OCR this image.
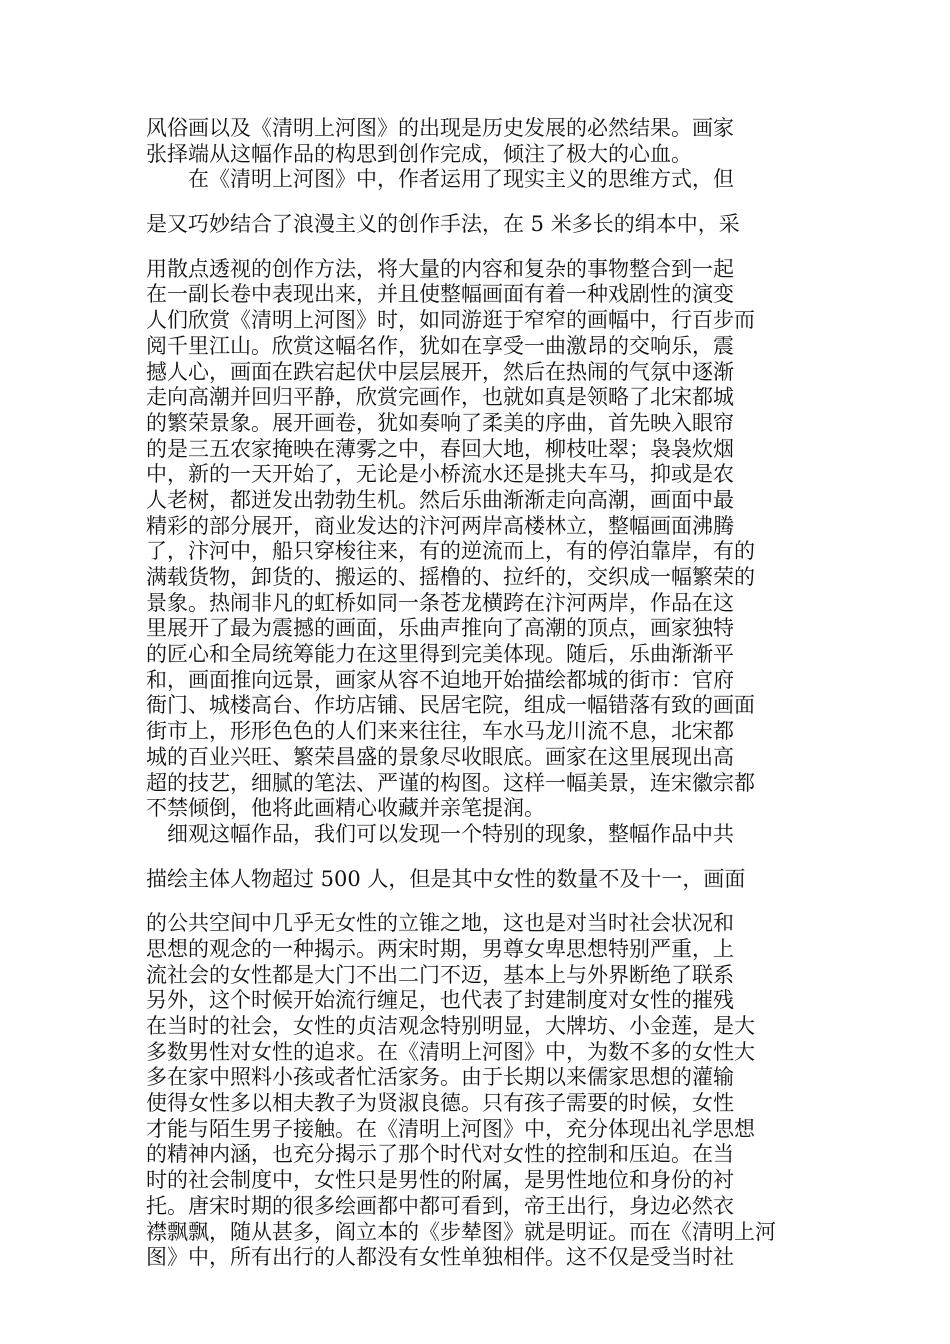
风俗画以及《清明上河图》的出现是历史发展的必然结果。画家
张择端从这幅作品的构思到创作完成，倾注了极大的心血。
　　在《清明上河图》中，作者运用了现实主义的思维方式，但
是又巧妙结合了浪漫主义的创作手法，在 5 米多长的绢本中，采
用散点透视的创作方法，将大量的内容和复杂的事物整合到一起
在一副长卷中表现出来，并且使整幅画面有着一种戏剧性的演变
人们欣赏《清明上河图》时，如同游逛于窄窄的画幅中，行百步而
阅千里江山。欣赏这幅名作，犹如在享受一曲激昂的交响乐，震
撼人心，画面在跌宕起伏中层层展开，然后在热闹的气氛中逐渐
走向高潮并回归平静，欣赏完画作，也就如真是领略了北宋都城
的繁荣景象。展开画卷，犹如奏响了柔美的序曲，首先映入眼帘
的是三五农家掩映在薄雾之中，春回大地，柳枝吐翠；袅袅炊烟
中，新的一天开始了，无论是小桥流水还是挑夫车马，抑或是农
人老树，都迸发出勃勃生机。然后乐曲渐渐走向高潮，画面中最
精彩的部分展开，商业发达的汴河两岸高楼林立，整幅画面沸腾
了，汴河中，船只穿梭往来，有的逆流而上，有的停泊靠岸，有的
满载货物，卸货的、搬运的、摇橹的、拉纤的，交织成一幅繁荣的
景象。热闹非凡的虹桥如同一条苍龙横跨在汴河两岸，作品在这
里展开了最为震撼的画面，乐曲声推向了高潮的顶点，画家独特
的匠心和全局统筹能力在这里得到完美体现。随后，乐曲渐渐平
和，画面推向远景，画家从容不迫地开始描绘都城的街市：官府
衙门、城楼高台、作坊店铺、民居宅院，组成一幅错落有致的画面
街市上，形形色色的人们来来往往，车水马龙川流不息，北宋都
城的百业兴旺、繁荣昌盛的景象尽收眼底。画家在这里展现出高
超的技艺，细腻的笔法、严谨的构图。这样一幅美景，连宋徽宗都
不禁倾倒，他将此画精心收藏并亲笔提润。
　细观这幅作品，我们可以发现一个特别的现象，整幅作品中共
描绘主体人物超过 500 人，但是其中女性的数量不及十一，画面
的公共空间中几乎无女性的立锥之地，这也是对当时社会状况和
思想的观念的一种揭示。两宋时期，男尊女卑思想特别严重，上
流社会的女性都是大门不出二门不迈，基本上与外界断绝了联系
另外，这个时候开始流行缠足，也代表了封建制度对女性的摧残
在当时的社会，女性的贞洁观念特别明显，大牌坊、小金莲，是大
多数男性对女性的追求。在《清明上河图》中，为数不多的女性大
多在家中照料小孩或者忙活家务。由于长期以来儒家思想的灌输
使得女性多以相夫教子为贤淑良德。只有孩子需要的时候，女性
才能与陌生男子接触。在《清明上河图》中，充分体现出礼学思想
的精神内涵，也充分揭示了那个时代对女性的控制和压迫。在当
时的社会制度中，女性只是男性的附属，是男性地位和身份的衬
托。唐宋时期的很多绘画都中都可看到，帝王出行，身边必然衣
襟飘飘，随从甚多，阎立本的《步辇图》就是明证。而在《清明上河
图》中，所有出行的人都没有女性单独相伴。这不仅是受当时社
